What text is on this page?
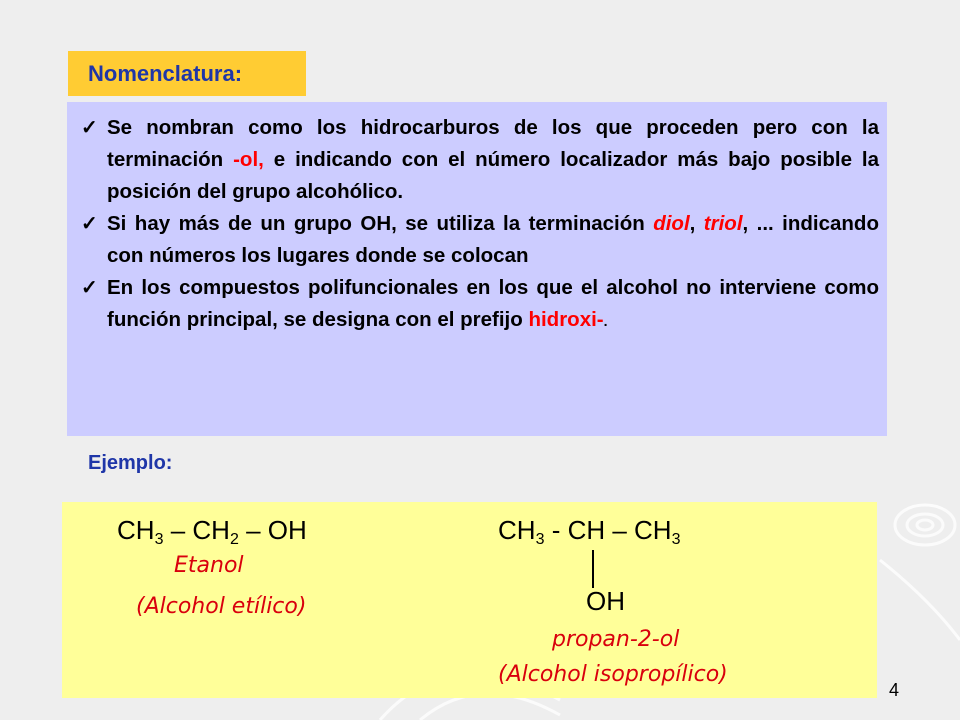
Nomenclatura:
✓ Se nombran como los hidrocarburos de los que proceden pero con la terminación -ol, e indicando con el número localizador más bajo posible la posición del grupo alcohólico.
✓ Si hay más de un grupo OH, se utiliza la terminación diol, triol, ... indicando con números los lugares donde se colocan
✓ En los compuestos polifuncionales en los que el alcohol no interviene como función principal, se designa con el prefijo hidroxi-.
Ejemplo:
$CH_3 - CH_2$ – OH
Etanol
(Alcohol etílico)
$CH_3$ - CH – $CH_3$
OH
propan-2-ol
(Alcohol isopropílico)
4
